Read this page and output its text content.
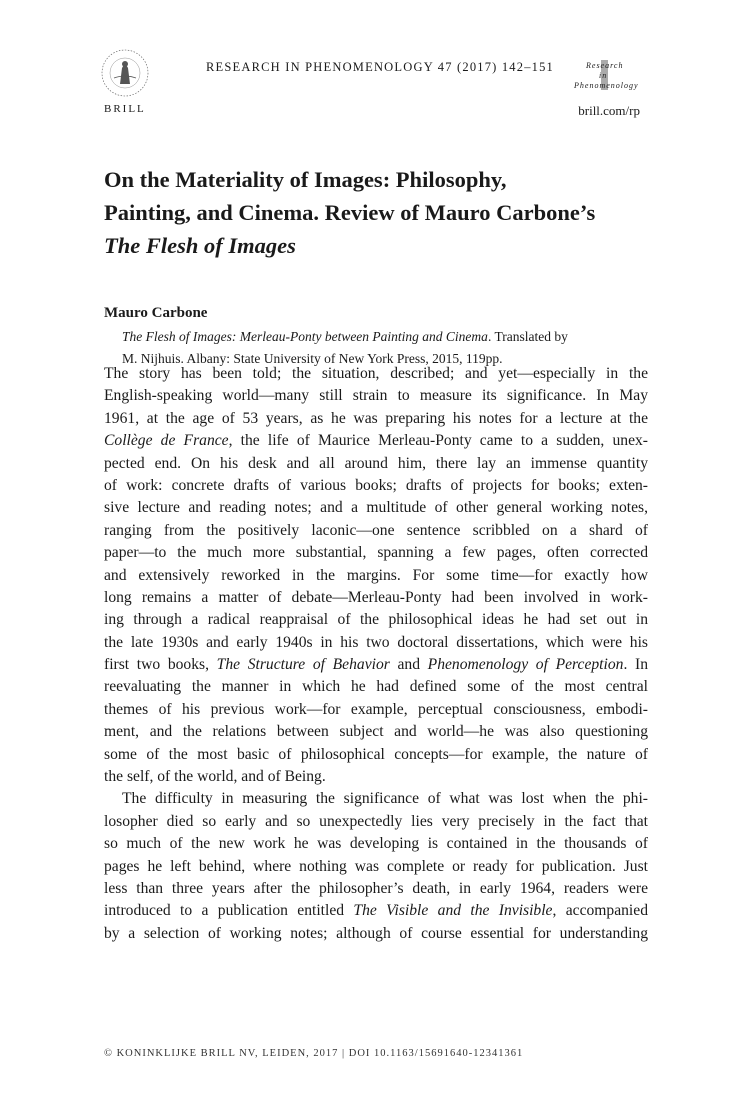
BRILL
RESEARCH IN PHENOMENOLOGY 47 (2017) 142–151	Research
in
Phenomenology
brill.com/rp
On the Materiality of Images: Philosophy,
Painting, and Cinema. Review of Mauro Carbone’s
The Flesh of Images
Mauro Carbone
The Flesh of Images: Merleau-Ponty between Painting and Cinema. Translated by
M. Nijhuis. Albany: State University of New York Press, 2015, 119pp.
The story has been told; the situation, described; and yet—especially in the
English-speaking world—many still strain to measure its significance. In May
1961, at the age of 53 years, as he was preparing his notes for a lecture at the
Collège de France, the life of Maurice Merleau-Ponty came to a sudden, unex-
pected end. On his desk and all around him, there lay an immense quantity
of work: concrete drafts of various books; drafts of projects for books; exten-
sive lecture and reading notes; and a multitude of other general working notes,
ranging from the positively laconic—one sentence scribbled on a shard of
paper—to the much more substantial, spanning a few pages, often corrected
and extensively reworked in the margins. For some time—for exactly how
long remains a matter of debate—Merleau-Ponty had been involved in work-
ing through a radical reappraisal of the philosophical ideas he had set out in
the late 1930s and early 1940s in his two doctoral dissertations, which were his
first two books, The Structure of Behavior and Phenomenology of Perception. In
reevaluating the manner in which he had defined some of the most central
themes of his previous work—for example, perceptual consciousness, embodi-
ment, and the relations between subject and world—he was also questioning
some of the most basic of philosophical concepts—for example, the nature of
the self, of the world, and of Being.
The difficulty in measuring the significance of what was lost when the phi-
losopher died so early and so unexpectedly lies very precisely in the fact that
so much of the new work he was developing is contained in the thousands of
pages he left behind, where nothing was complete or ready for publication. Just
less than three years after the philosopher’s death, in early 1964, readers were
introduced to a publication entitled The Visible and the Invisible, accompanied
by a selection of working notes; although of course essential for understanding
© KONINKLIJKE BRILL NV, LEIDEN, 2017 | DOI 10.1163/15691640-12341361
